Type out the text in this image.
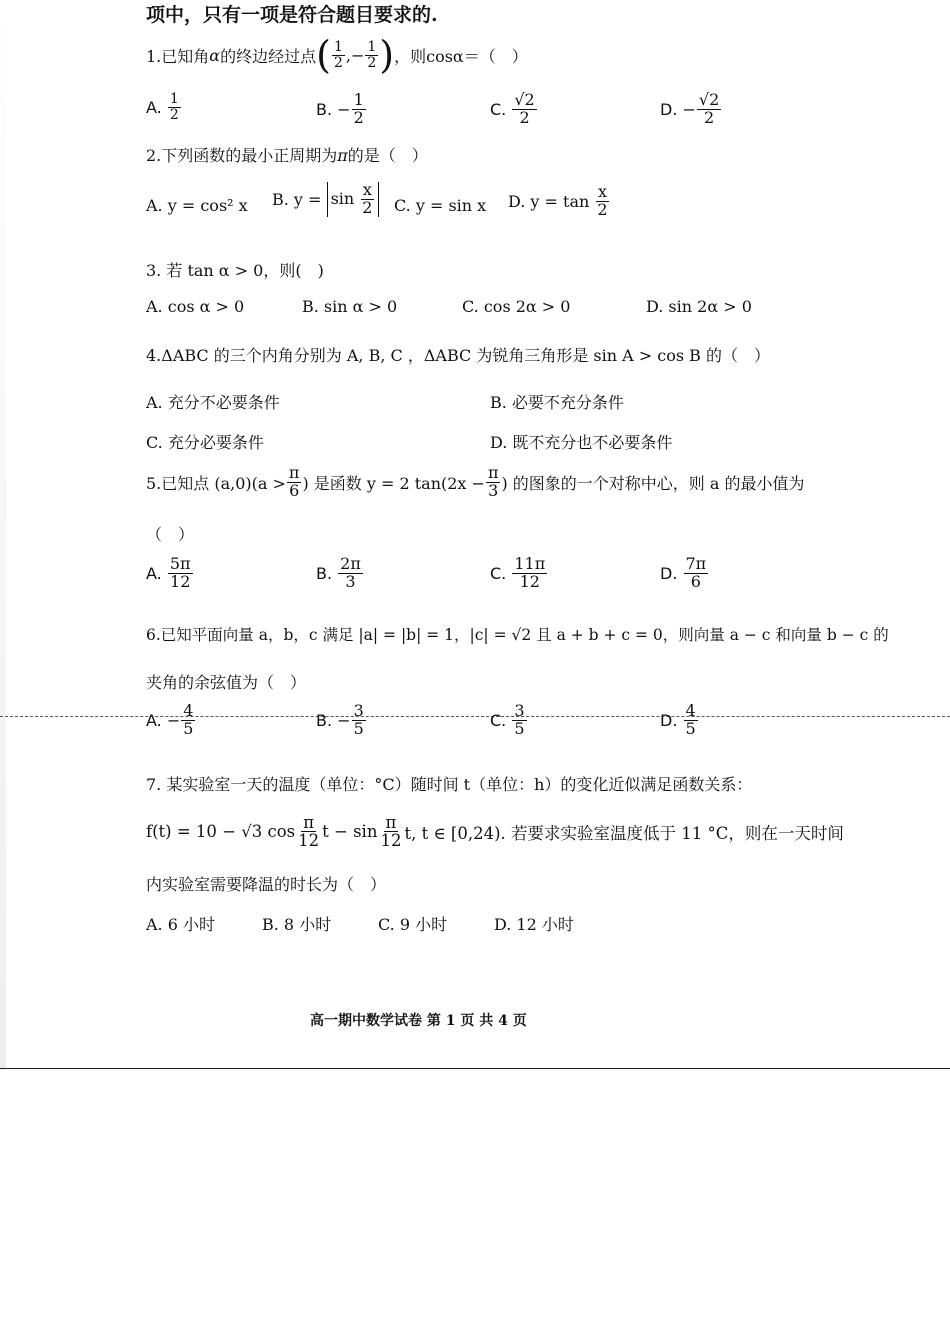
项中，只有一项是符合题目要求的.
1.已知角 α 的终边经过点 ( $\frac{1}{2}$ ,− $\frac{1}{2}$ ) ，则 cosα＝（　）
A.
$\frac{1}{2}$	B.
− $\frac{1}{2}$	C.
$\frac{√2}{2}$	D.
− $\frac{√2}{2}$
2.下列函数的最小正周期为π的是（　）
A. y = cos² x B. y =
$\sin \frac{x}{2} C$. y = sin x D. y = tan
$\frac{x}{2}$
3. 若 tan α > 0，则(　)
A. cos α > 0	B. sin α > 0	C. cos 2α > 0	D. sin 2α > 0
4.ΔABC 的三个内角分别为 A, B, C ，ΔABC 为锐角三角形是 sin A > cos B 的（　）
A. 充分不必要条件	B. 必要不充分条件
C. 充分必要条件	D. 既不充分也不必要条件
5.已知点 $(a,0)(a > \frac{\pi}{6}$ ) 是函数 y = 2 $\tan(2x - \frac{\pi}{3}$ ) 的图象的一个对称中心，则 a 的最小值为
（　）
A.
$\frac{5\pi}{12}$	B.
$\frac{2\pi}{3}$	C.
$\frac{11\pi}{12}$	D.
$\frac{7\pi}{6}$
6.已知平面向量 a，b，c 满足 |a| = |b| = 1，|c| = √2 且 a + b + c = 0，则向量 a − c 和向量 b − c 的
夹角的余弦值为（　）
A.
− $\frac{4}{5}$	B.
− $\frac{3}{5}$	C.
$\frac{3}{5}$	D.
$\frac{4}{5}$
7. 某实验室一天的温度（单位：°C）随时间 t（单位：h）的变化近似满足函数关系：
f(t) = 10 − √3 $\cos \frac{\pi}{12}$ $t - \sin \frac{\pi}{12} t$, t ∈ [0,24). 若要求实验室温度低于 11 °C，则在一天时间
内实验室需要降温的时长为（　）
A. 6 小时	B. 8 小时	C. 9 小时	D. 12 小时
高一期中数学试卷 第 1 页 共 4 页
